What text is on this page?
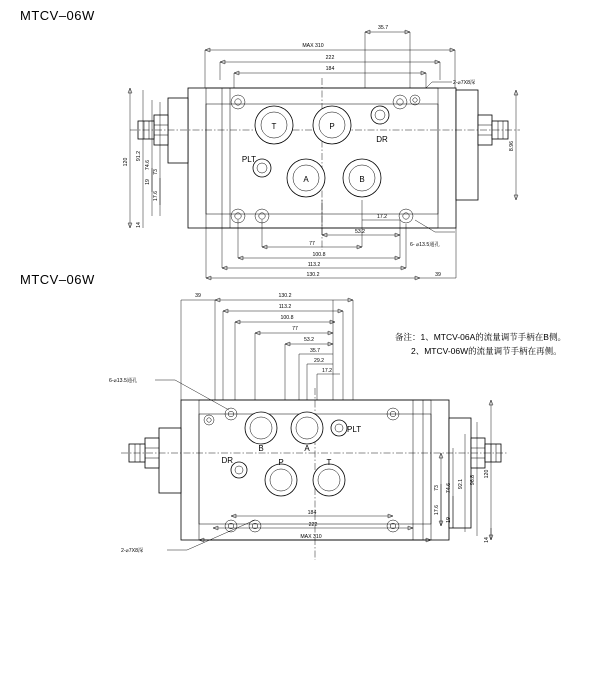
MTCV–06W
35.7
MAX 310
222
184
2-⌀7X8深
T	P
DR
PLT
A	B
120
91.2
74.6
73
19
17.6
14
8.96
6- ⌀13.5通孔
17.2
53.2
77
100.8
113.2
130.2	39
MTCV–06W
备注：1、MTCV-06A的流量调节手柄在B侧。
2、MTCV-06W的流量调节手柄在再侧。
39	130.2
113.2
100.8
77
53.2
35.7
29.2
17.2
B	A
PLT
DR	P	T
6-⌀13.5通孔
2-⌀7X8深
73 74.6 92.1 96.8
120
17.6
19
14
184
222
MAX 310
